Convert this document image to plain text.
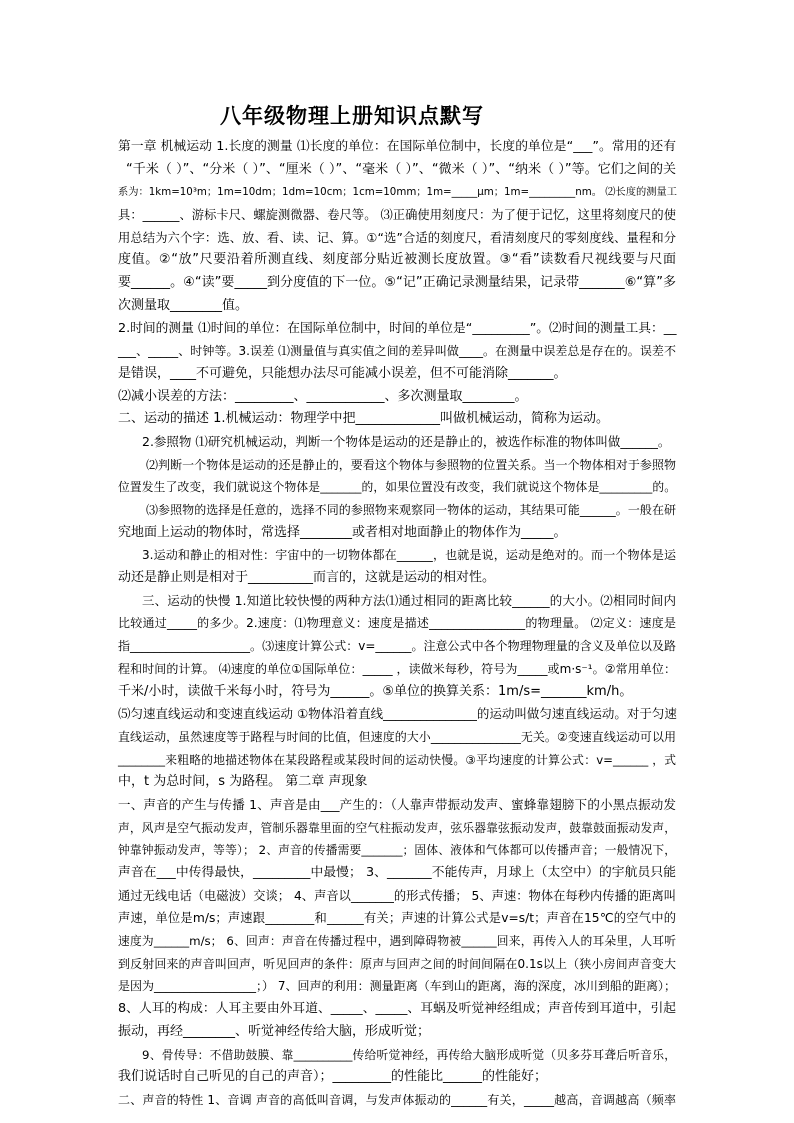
八年级物理上册知识点默写
第一章 机械运动 1.长度的测量 ⑴长度的单位：在国际单位制中，长度的单位是“___”。常用的还有
“千米（ ）”、“分米（ ）”、“厘米（ ）”、“毫米（ ）”、“微米（ ）”、“纳米（ ）”等。它们之间的关
系为：1km=10³m；1m=10dm；1dm=10cm；1cm=10mm；1m=_____μm；1m=_________nm。 ⑵长度的测量工
具：______、游标卡尺、螺旋测微器、卷尺等。 ⑶正确使用刻度尺：为了便于记忆，这里将刻度尺的使
用总结为六个字：选、放、看、读、记、算。①“选”合适的刻度尺，看清刻度尺的零刻度线、量程和分
度值。②“放”尺要沿着所测直线、刻度部分贴近被测长度放置。③“看”读数看尺视线要与尺面
要______。④“读”要_____到分度值的下一位。⑤“记”正确记录测量结果，记录带_______⑥“算”多
次测量取________值。
2.时间的测量 ⑴时间的单位：在国际单位制中，时间的单位是“_________”。⑵时间的测量工具：__
___、_____、时钟等。3.误差 ⑴测量值与真实值之间的差异叫做____。在测量中误差总是存在的。误差不
是错误，____不可避免，只能想办法尽可能减小误差，但不可能消除_______。
⑵减小误差的方法：_________、____________、多次测量取________。
二、运动的描述 1.机械运动：物理学中把_____________叫做机械运动，简称为运动。
2.参照物 ⑴研究机械运动，判断一个物体是运动的还是静止的，被选作标准的物体叫做______。
⑵判断一个物体是运动的还是静止的，要看这个物体与参照物的位置关系。当一个物体相对于参照物
位置发生了改变，我们就说这个物体是_______的，如果位置没有改变，我们就说这个物体是_________的。
⑶参照物的选择是任意的，选择不同的参照物来观察同一物体的运动，其结果可能______。一般在研
究地面上运动的物体时，常选择________或者相对地面静止的物体作为_____。
3.运动和静止的相对性：宇宙中的一切物体都在______，也就是说，运动是绝对的。而一个物体是运
动还是静止则是相对于__________而言的，这就是运动的相对性。
三、运动的快慢 1.知道比较快慢的两种方法⑴通过相同的距离比较______的大小。⑵相同时间内
比较通过_____的多少。2.速度：⑴物理意义：速度是描述________________的物理量。 ⑵定义：速度是
指____________________。⑶速度计算公式：v=______。注意公式中各个物理物理量的含义及单位以及路
程和时间的计算。 ⑷速度的单位①国际单位：_____ ，读做米每秒，符号为_____或m·s⁻¹。②常用单位：
千米/小时，读做千米每小时，符号为______。⑤单位的换算关系：1m/s=_______km/h。
⑸匀速直线运动和变速直线运动 ①物体沿着直线_______________的运动叫做匀速直线运动。对于匀速
直线运动，虽然速度等于路程与时间的比值，但速度的大小_______________无关。②变速直线运动可以用
________来粗略的地描述物体在某段路程或某段时间的运动快慢。③平均速度的计算公式：v=______ ，式
中，t 为总时间，s 为路程。 第二章 声现象
一、声音的产生与传播 1、声音是由___产生的：（人靠声带振动发声、蜜蜂靠翅膀下的小黑点振动发
声，风声是空气振动发声，管制乐器靠里面的空气柱振动发声，弦乐器靠弦振动发声，鼓靠鼓面振动发声，
钟靠钟振动发声，等等）； 2、声音的传播需要_______；固体、液体和气体都可以传播声音；一般情况下，
声音在___中传得最快，_________中最慢； 3、_______不能传声，月球上（太空中）的宇航员只能
通过无线电话（电磁波）交谈； 4、声音以_______的形式传播； 5、声速：物体在每秒内传播的距离叫
声速，单位是m/s；声速跟________和______有关；声速的计算公式是v=s/t；声音在15℃的空气中的
速度为______m/s； 6、回声：声音在传播过程中，遇到障碍物被______回来，再传入人的耳朵里，人耳听
到反射回来的声音叫回声，听见回声的条件：原声与回声之间的时间间隔在0.1s以上（狭小房间声音变大
是因为_________________；） 7、回声的利用：测量距离（车到山的距离，海的深度，冰川到船的距离）；
8、人耳的构成：人耳主要由外耳道、_____、_____、耳蜗及听觉神经组成；声音传到耳道中，引起
振动，再经________、听觉神经传给大脑，形成听觉；
9、骨传导：不借助鼓膜、靠__________传给听觉神经，再传给大脑形成听觉（贝多芬耳聋后听音乐，
我们说话时自己听见的自己的声音）；_________的性能比______的性能好；
二、声音的特性 1、音调 声音的高低叫音调，与发声体振动的______有关，_____越高，音调越高（频率
